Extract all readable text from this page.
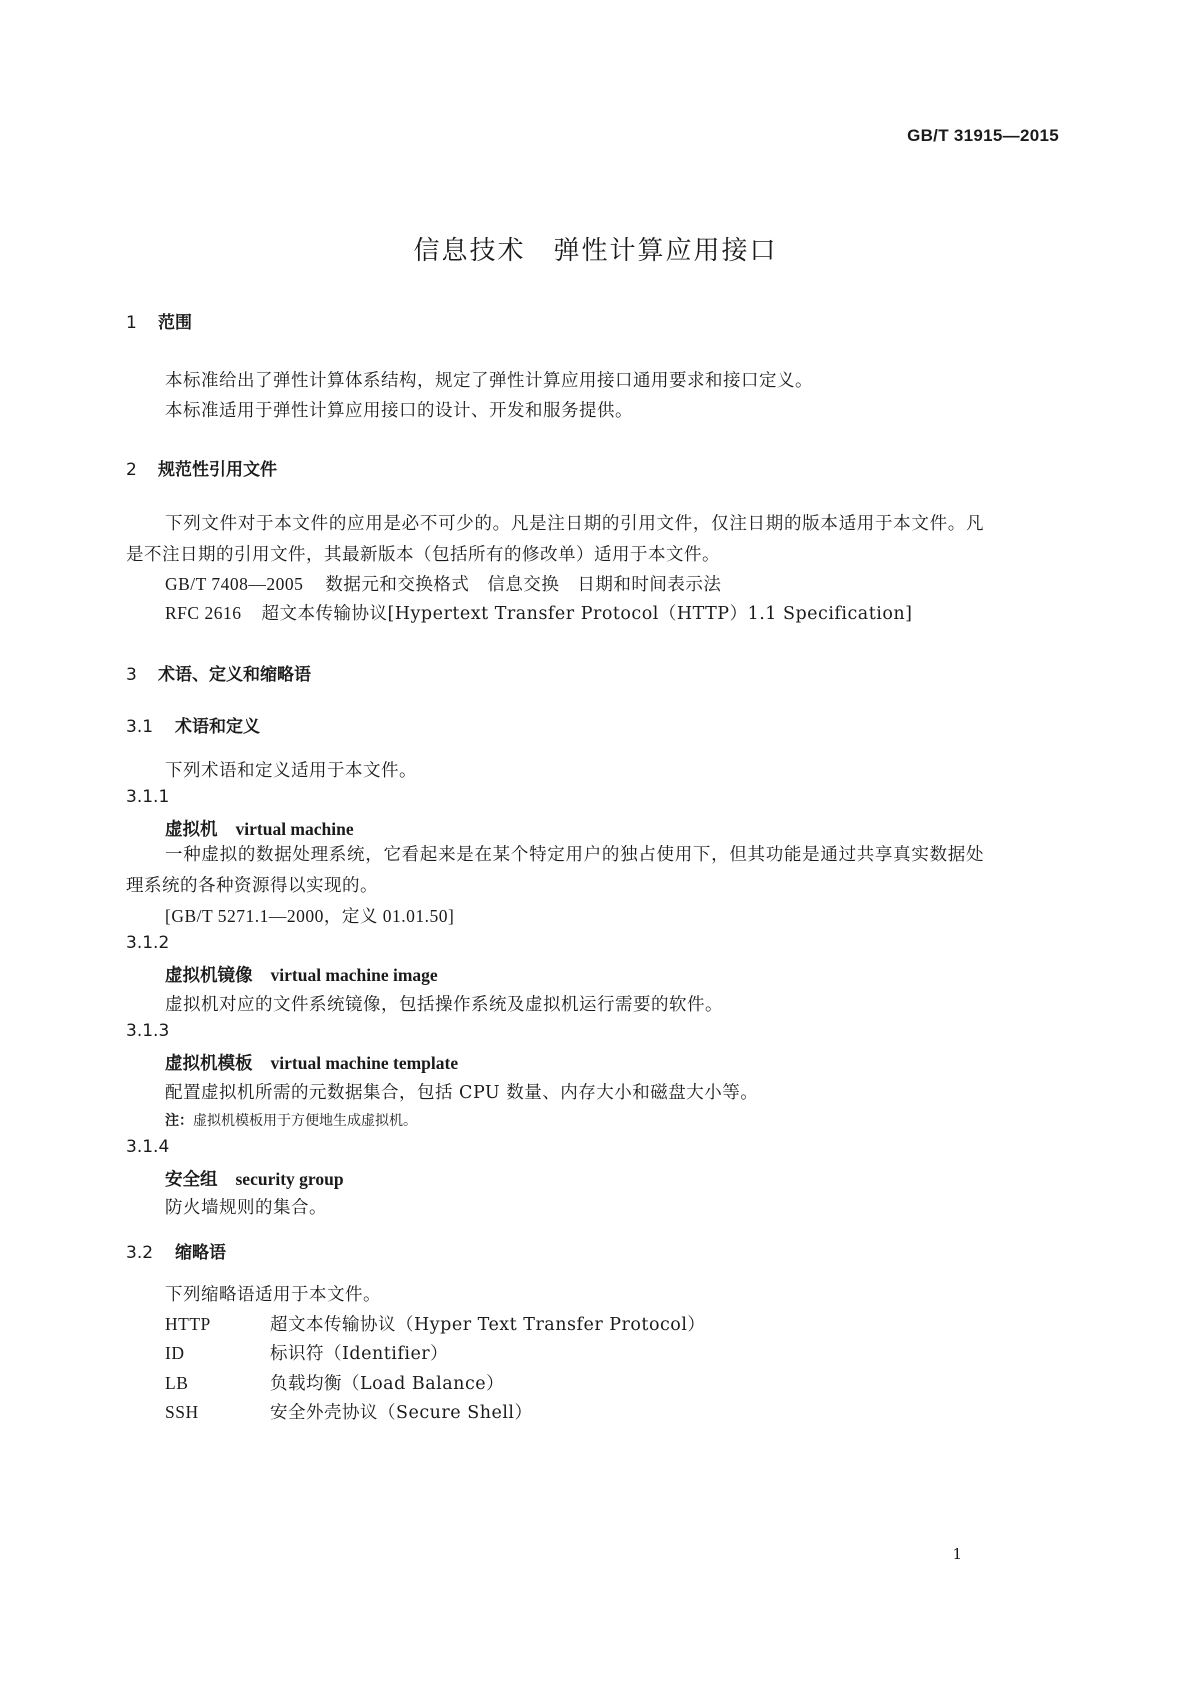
GB/T 31915—2015
信息技术　弹性计算应用接口
1 范围
本标准给出了弹性计算体系结构，规定了弹性计算应用接口通用要求和接口定义。
本标准适用于弹性计算应用接口的设计、开发和服务提供。
2 规范性引用文件
下列文件对于本文件的应用是必不可少的。凡是注日期的引用文件，仅注日期的版本适用于本文件。凡是不注日期的引用文件，其最新版本（包括所有的修改单）适用于本文件。
GB/T 7408—2005 数据元和交换格式　信息交换　日期和时间表示法
RFC 2616 超文本传输协议[Hypertext Transfer Protocol（HTTP）1.1 Specification]
3 术语、定义和缩略语
3.1 术语和定义
下列术语和定义适用于本文件。
3.1.1
虚拟机 virtual machine
一种虚拟的数据处理系统，它看起来是在某个特定用户的独占使用下，但其功能是通过共享真实数据处理系统的各种资源得以实现的。
[GB/T 5271.1—2000，定义 01.01.50]
3.1.2
虚拟机镜像 virtual machine image
虚拟机对应的文件系统镜像，包括操作系统及虚拟机运行需要的软件。
3.1.3
虚拟机模板 virtual machine template
配置虚拟机所需的元数据集合，包括 CPU 数量、内存大小和磁盘大小等。
注：虚拟机模板用于方便地生成虚拟机。
3.1.4
安全组 security group
防火墙规则的集合。
3.2 缩略语
下列缩略语适用于本文件。
HTTP	超文本传输协议（Hyper Text Transfer Protocol）
ID	标识符（Identifier）
LB	负载均衡（Load Balance）
SSH	安全外壳协议（Secure Shell）
1
